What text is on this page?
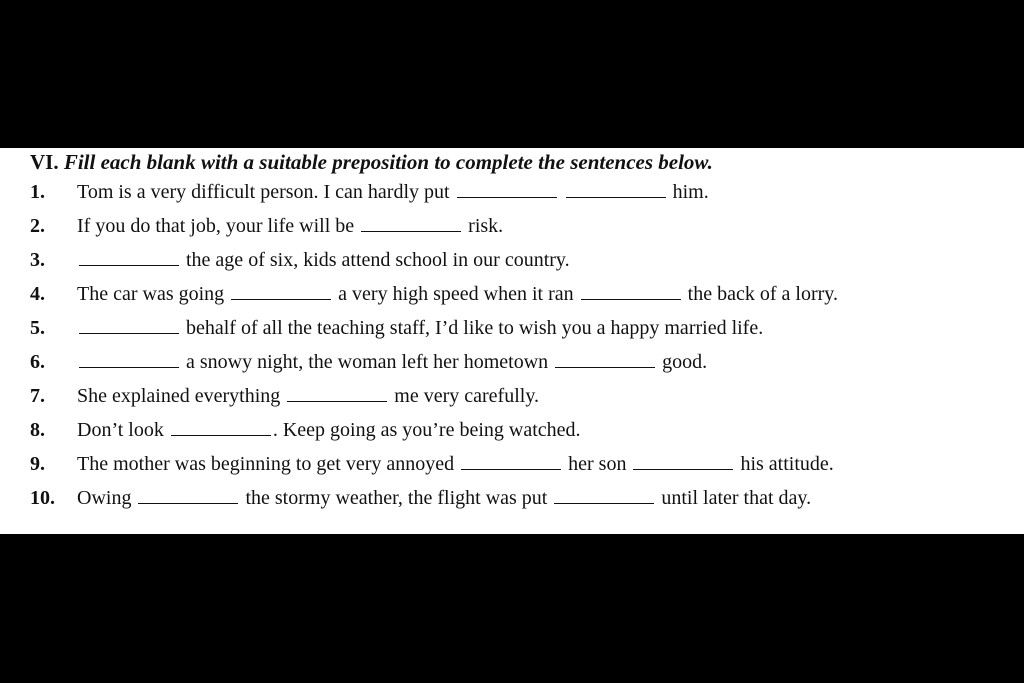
VI. Fill each blank with a suitable preposition to complete the sentences below.
1. Tom is a very difficult person. I can hardly put	him.
2. If you do that job, your life will be	risk.
3.	the age of six, kids attend school in our country.
4. The car was going	a very high speed when it ran	the back of a lorry.
5.	behalf of all the teaching staff, I’d like to wish you a happy married life.
6.	a snowy night, the woman left her hometown	good.
7. She explained everything	me very carefully.
8. Don’t look	. Keep going as you’re being watched.
9. The mother was beginning to get very annoyed	her son	his attitude.
10. Owing	the stormy weather, the flight was put	until later that day.
